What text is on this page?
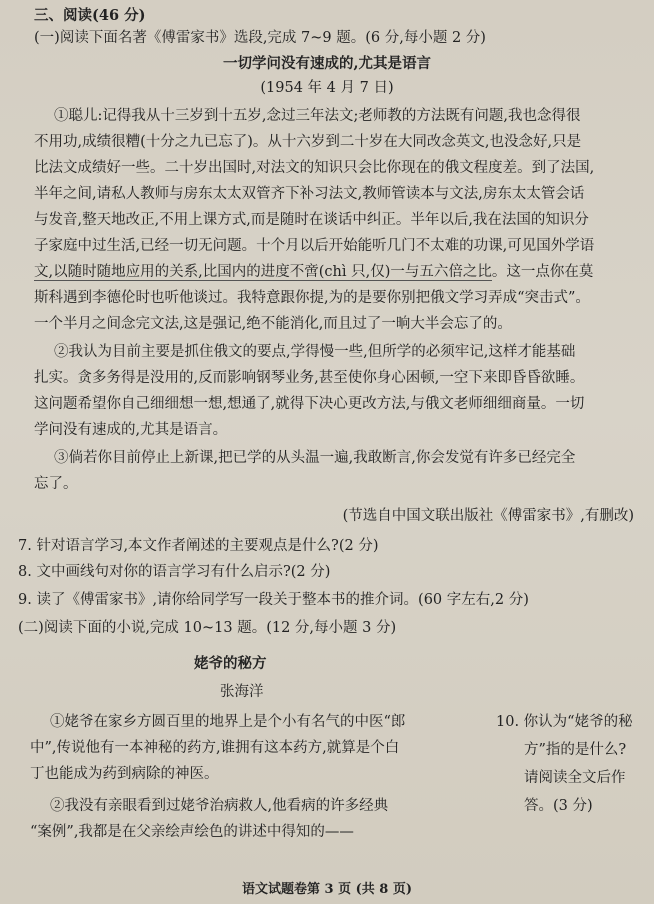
三、阅读(46 分)
(一)阅读下面名著《傅雷家书》选段,完成 7~9 题。(6 分,每小题 2 分)
一切学问没有速成的,尤其是语言
(1954 年 4 月 7 日)
①聪儿:记得我从十三岁到十五岁,念过三年法文;老师教的方法既有问题,我也念得很
不用功,成绩很糟(十分之九已忘了)。从十六岁到二十岁在大同改念英文,也没念好,只是
比法文成绩好一些。二十岁出国时,对法文的知识只会比你现在的俄文程度差。到了法国,
半年之间,请私人教师与房东太太双管齐下补习法文,教师管读本与文法,房东太太管会话
与发音,整天地改正,不用上课方式,而是随时在谈话中纠正。半年以后,我在法国的知识分
子家庭中过生活,已经一切无问题。十个月以后开始能听几门不太难的功课,可见国外学语
文,以随时随地应用的关系,比国内的进度不啻(chì 只,仅)一与五六倍之比。这一点你在莫
斯科遇到李德伦时也听他谈过。我特意跟你提,为的是要你别把俄文学习弄成“突击式”。
一个半月之间念完文法,这是强记,绝不能消化,而且过了一晌大半会忘了的。
②我认为目前主要是抓住俄文的要点,学得慢一些,但所学的必须牢记,这样才能基础
扎实。贪多务得是没用的,反而影响钢琴业务,甚至使你身心困顿,一空下来即昏昏欲睡。
这问题希望你自己细细想一想,想通了,就得下决心更改方法,与俄文老师细细商量。一切
学问没有速成的,尤其是语言。
③倘若你目前停止上新课,把已学的从头温一遍,我敢断言,你会发觉有许多已经完全
忘了。
(节选自中国文联出版社《傅雷家书》,有删改)
7. 针对语言学习,本文作者阐述的主要观点是什么?(2 分)
8. 文中画线句对你的语言学习有什么启示?(2 分)
9. 读了《傅雷家书》,请你给同学写一段关于整本书的推介词。(60 字左右,2 分)
(二)阅读下面的小说,完成 10~13 题。(12 分,每小题 3 分)
姥爷的秘方
张海洋
①姥爷在家乡方圆百里的地界上是个小有名气的中医“郎
中”,传说他有一本神秘的药方,谁拥有这本药方,就算是个白
丁也能成为药到病除的神医。
②我没有亲眼看到过姥爷治病救人,他看病的许多经典
“案例”,我都是在父亲绘声绘色的讲述中得知的——
10. 你认为“姥爷的秘
方”指的是什么?
请阅读全文后作
答。(3 分)
语文试题卷第 3 页 (共 8 页)
